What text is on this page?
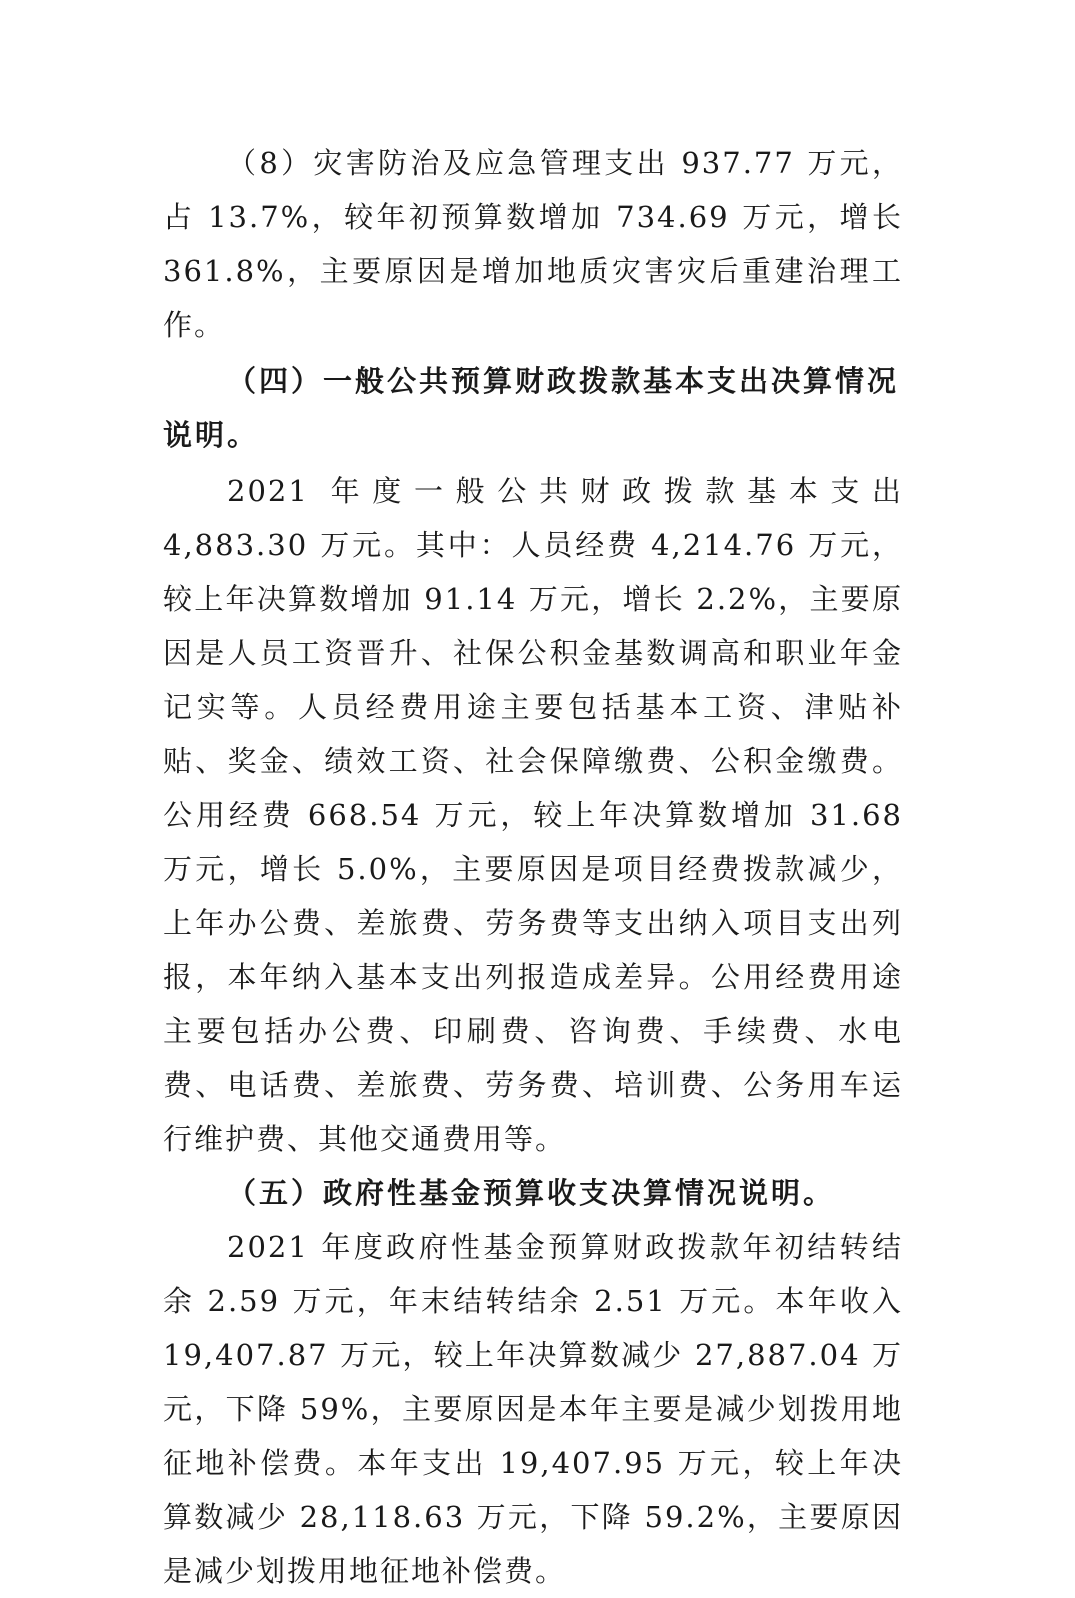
（8）灾害防治及应急管理支出 937.77 万元，占 13.7%，较年初预算数增加 734.69 万元，增长 361.8%，主要原因是增加地质灾害灾后重建治理工作。

（四）一般公共预算财政拨款基本支出决算情况说明。

2021 年度一般公共财政拨款基本支出 4,883.30 万元。其中：人员经费 4,214.76 万元，较上年决算数增加 91.14 万元，增长 2.2%，主要原因是人员工资晋升、社保公积金基数调高和职业年金记实等。人员经费用途主要包括基本工资、津贴补贴、奖金、绩效工资、社会保障缴费、公积金缴费。公用经费 668.54 万元，较上年决算数增加 31.68 万元，增长 5.0%，主要原因是项目经费拨款减少，上年办公费、差旅费、劳务费等支出纳入项目支出列报，本年纳入基本支出列报造成差异。公用经费用途主要包括办公费、印刷费、咨询费、手续费、水电费、电话费、差旅费、劳务费、培训费、公务用车运行维护费、其他交通费用等。

（五）政府性基金预算收支决算情况说明。

2021 年度政府性基金预算财政拨款年初结转结余 2.59 万元，年末结转结余 2.51 万元。本年收入 19,407.87 万元，较上年决算数减少 27,887.04 万元，下降 59%，主要原因是本年主要是减少划拨用地征地补偿费。本年支出 19,407.95 万元，较上年决算数减少 28,118.63 万元，下降 59.2%，主要原因是减少划拨用地征地补偿费。
